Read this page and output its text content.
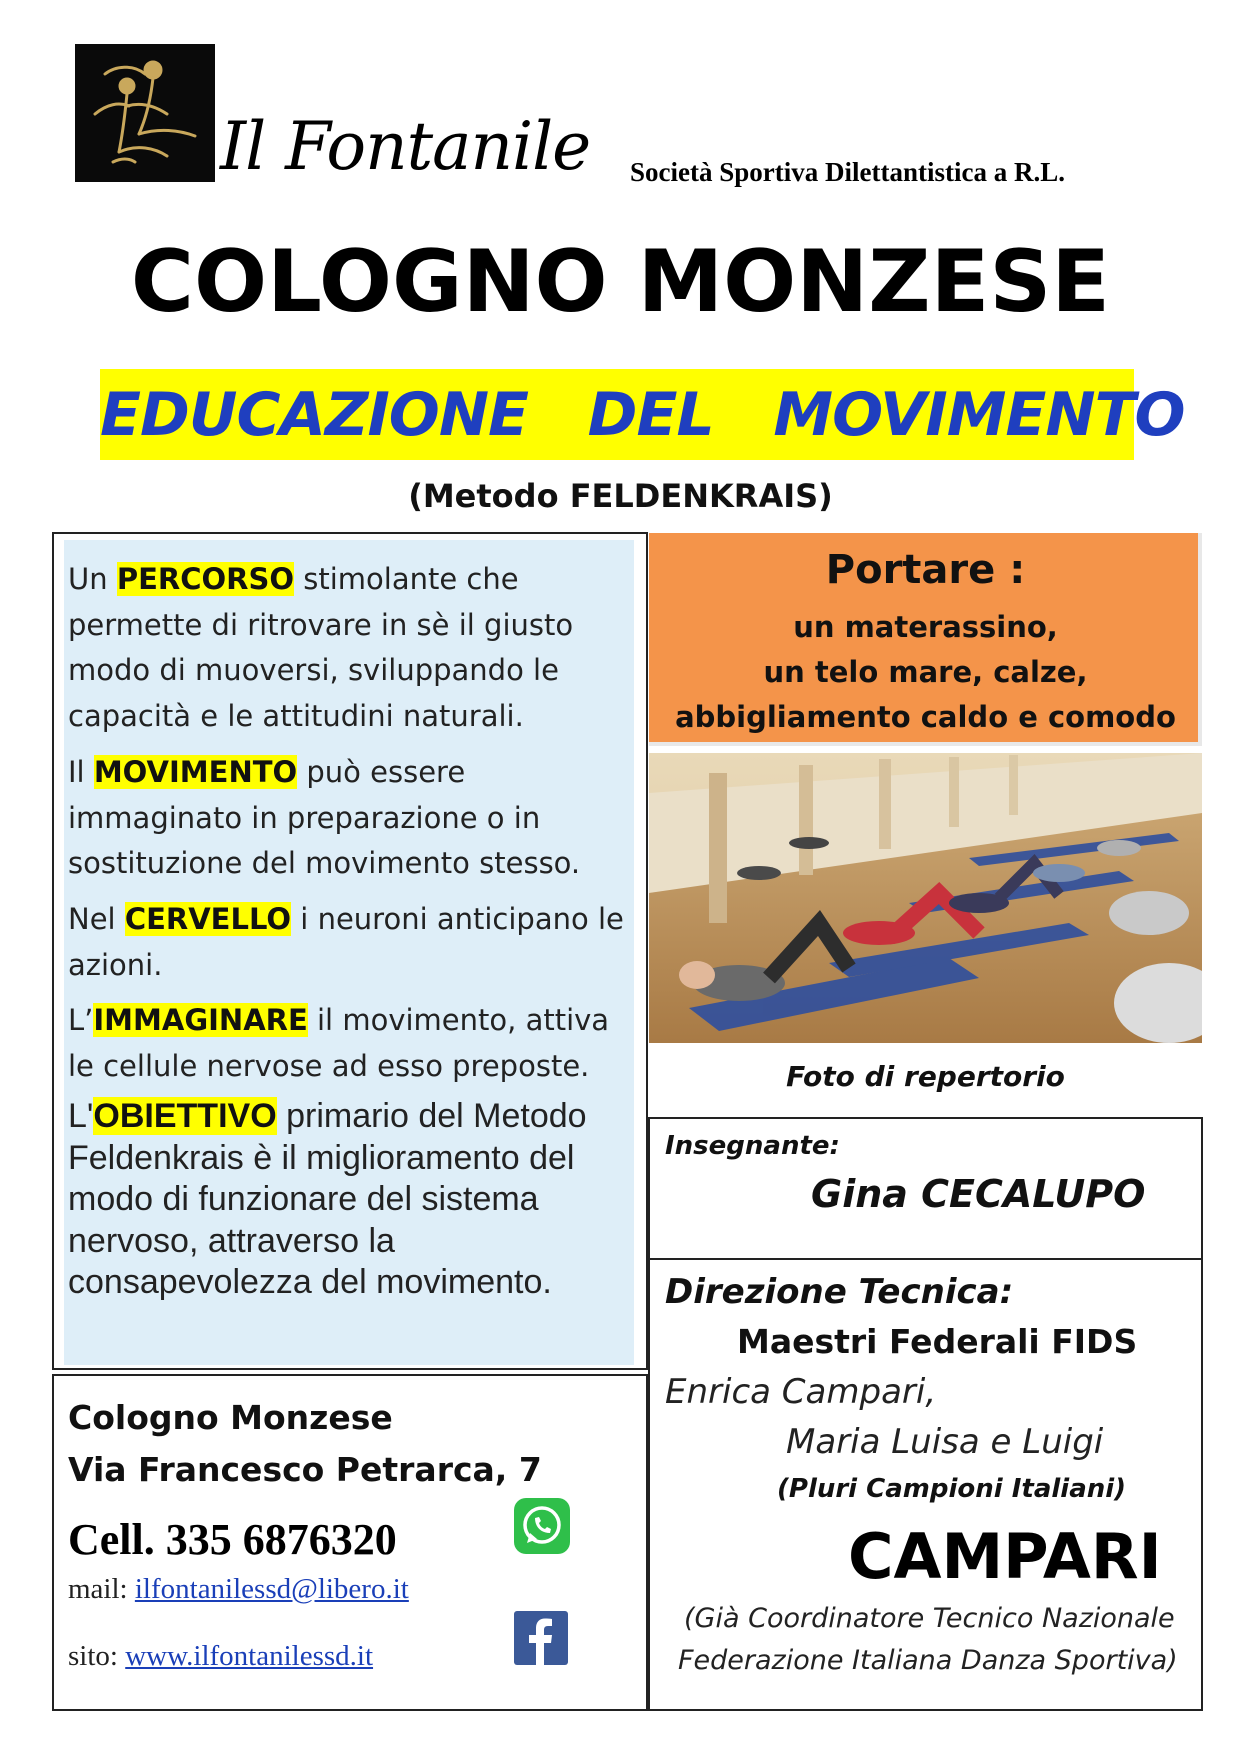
Il Fontanile Società Sportiva Dilettantistica a R.L.
COLOGNO MONZESE
EDUCAZIONE   DEL   MOVIMENTO
(Metodo FELDENKRAIS)
Un PERCORSO stimolante che permette di ritrovare in sè il giusto modo di muoversi, sviluppando le capacità e le attitudini naturali.
Il MOVIMENTO può essere immaginato in preparazione o in sostituzione del movimento stesso.
Nel CERVELLO i neuroni anticipano le azioni.
L’IMMAGINARE il movimento, attiva le cellule nervose ad esso preposte.
L'OBIETTIVO primario del Metodo Feldenkrais è il miglioramento del modo di funzionare del sistema nervoso, attraverso la consapevolezza del movimento.
Portare :
un materassino,
un telo mare, calze,
abbigliamento caldo e comodo
Foto di repertorio
Insegnante:
Gina CECALUPO
Direzione Tecnica:
Maestri Federali FIDS
Enrica Campari,
Maria Luisa e Luigi
(Pluri Campioni Italiani)
CAMPARI
(Già Coordinatore Tecnico Nazionale
Federazione Italiana Danza Sportiva)
Cologno Monzese
Via Francesco Petrarca, 7
Cell. 335 6876320
mail: ilfontanilessd@libero.it
sito: www.ilfontanilessd.it
